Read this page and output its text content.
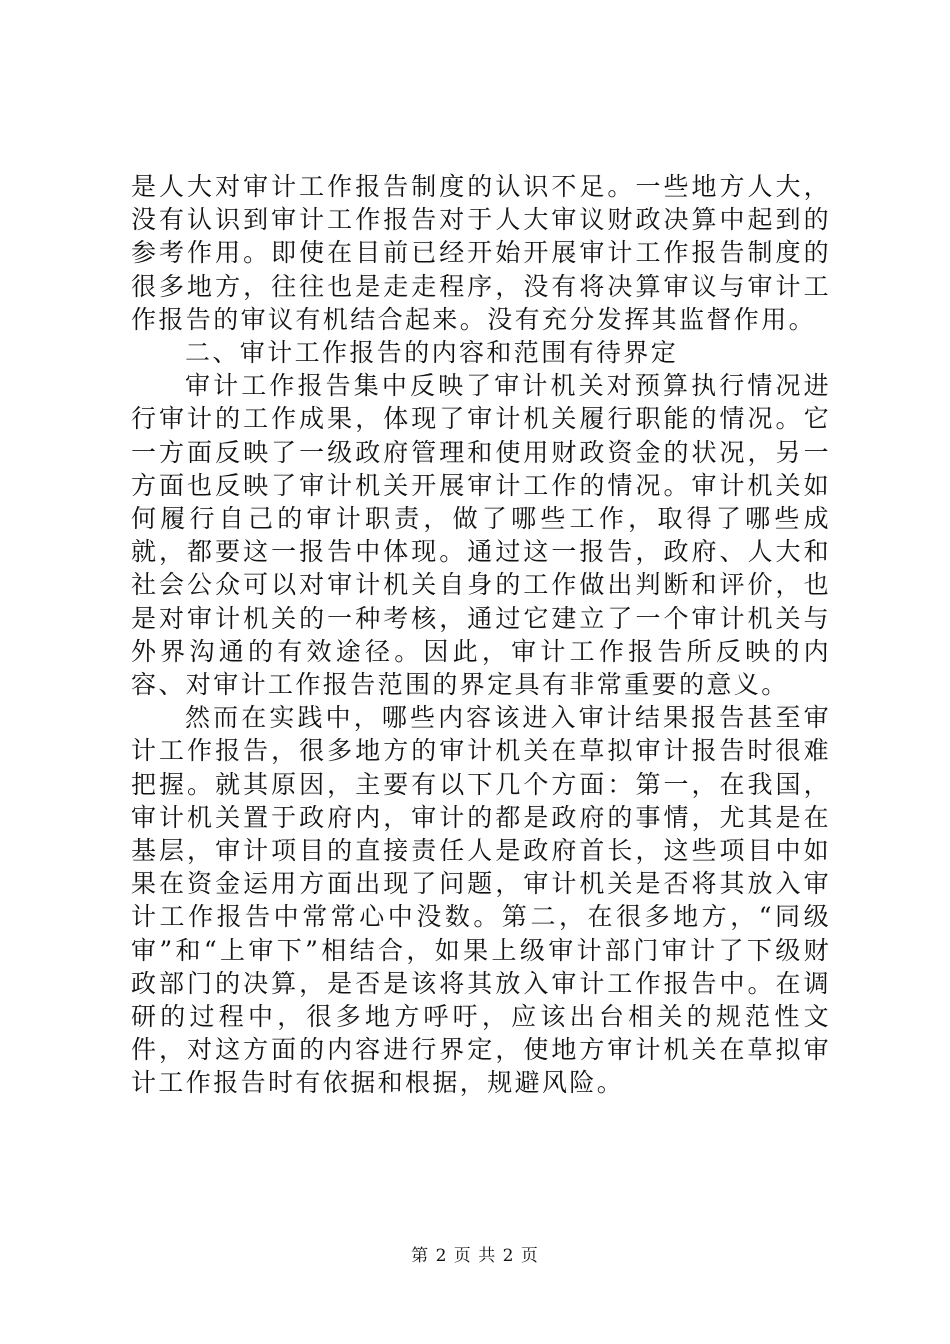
是人大对审计工作报告制度的认识不足。一些地方人大，没有认识到审计工作报告对于人大审议财政决算中起到的参考作用。即使在目前已经开始开展审计工作报告制度的很多地方，往往也是走走程序，没有将决算审议与审计工作报告的审议有机结合起来。没有充分发挥其监督作用。

二、审计工作报告的内容和范围有待界定

审计工作报告集中反映了审计机关对预算执行情况进行审计的工作成果，体现了审计机关履行职能的情况。它一方面反映了一级政府管理和使用财政资金的状况，另一方面也反映了审计机关开展审计工作的情况。审计机关如何履行自己的审计职责，做了哪些工作，取得了哪些成就，都要这一报告中体现。通过这一报告，政府、人大和社会公众可以对审计机关自身的工作做出判断和评价，也是对审计机关的一种考核，通过它建立了一个审计机关与外界沟通的有效途径。因此，审计工作报告所反映的内容、对审计工作报告范围的界定具有非常重要的意义。

然而在实践中，哪些内容该进入审计结果报告甚至审计工作报告，很多地方的审计机关在草拟审计报告时很难把握。就其原因，主要有以下几个方面：第一，在我国，审计机关置于政府内，审计的都是政府的事情，尤其是在基层，审计项目的直接责任人是政府首长，这些项目中如果在资金运用方面出现了问题，审计机关是否将其放入审计工作报告中常常心中没数。第二，在很多地方，“同级审”和“上审下”相结合，如果上级审计部门审计了下级财政部门的决算，是否是该将其放入审计工作报告中。在调研的过程中，很多地方呼吁，应该出台相关的规范性文件，对这方面的内容进行界定，使地方审计机关在草拟审计工作报告时有依据和根据，规避风险。

第 2 页 共 2 页
